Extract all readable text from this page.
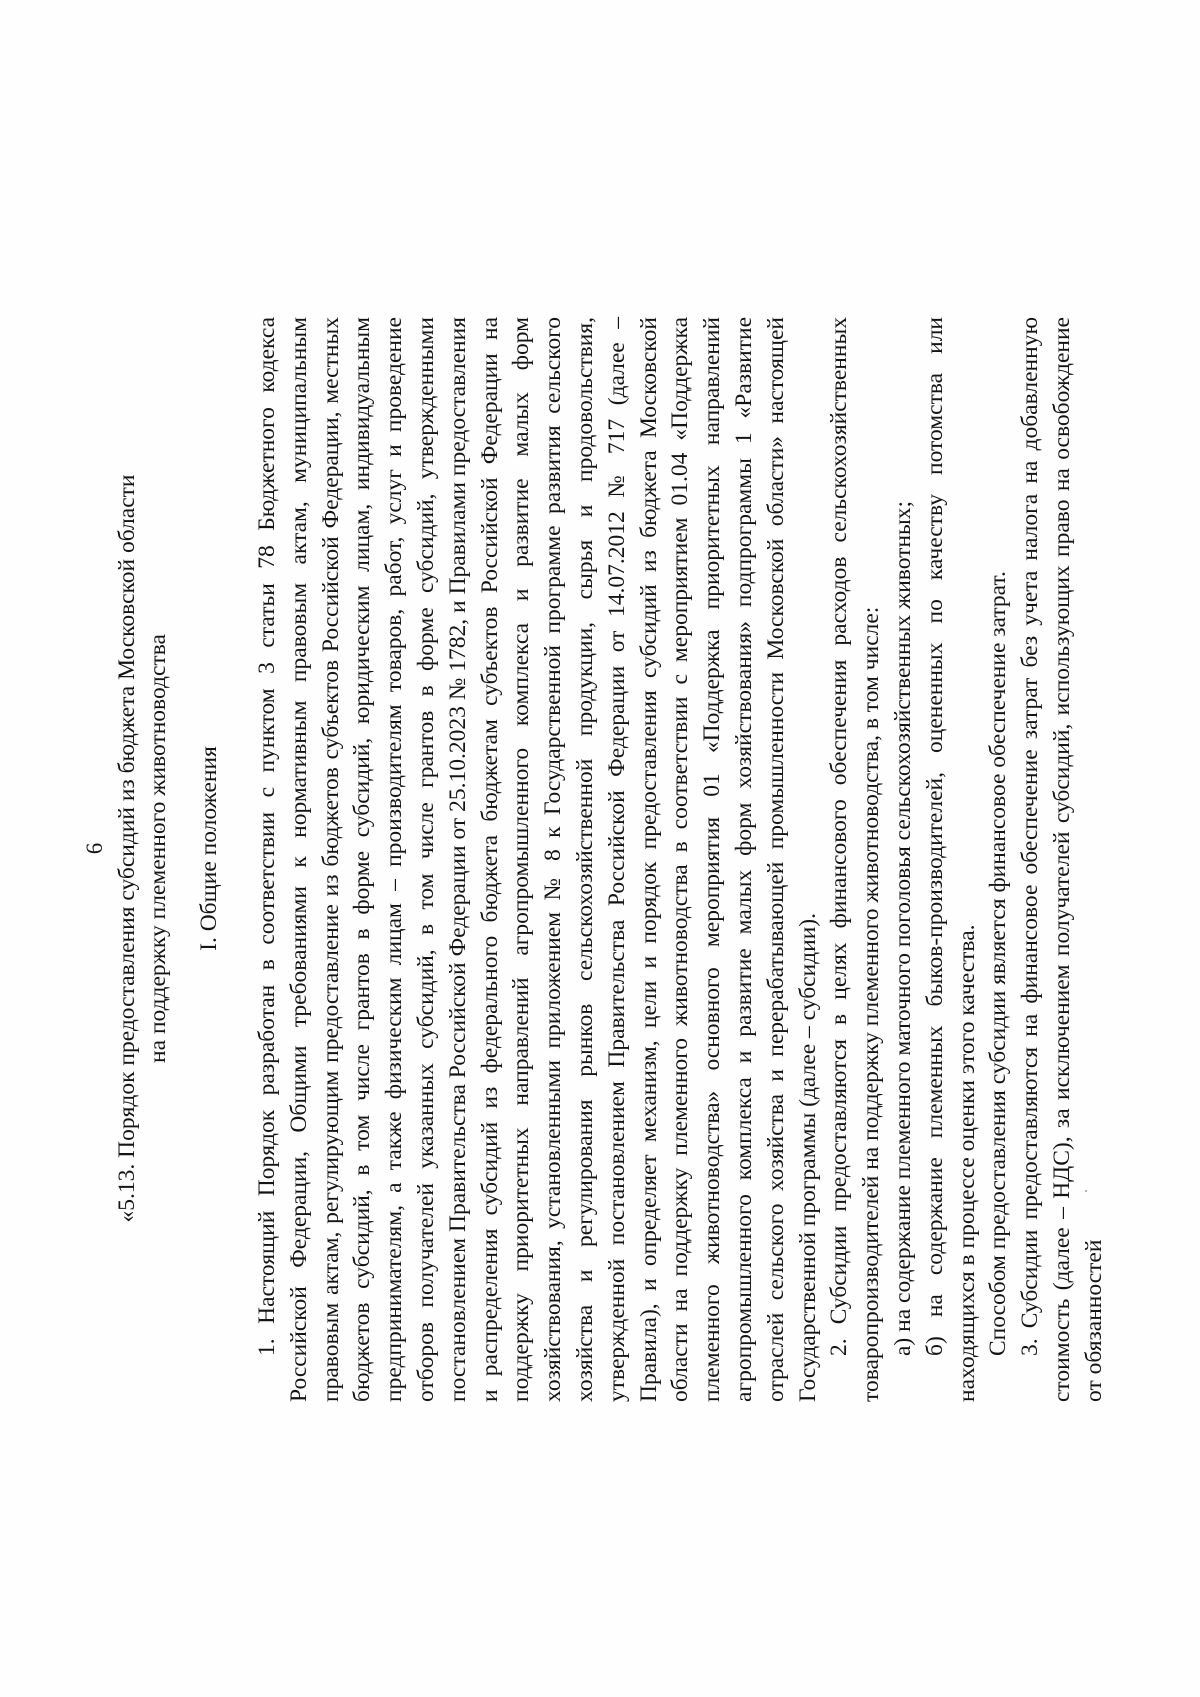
6 «5.13. Порядок предоставления субсидий из бюджета Московской области на поддержку племенного животноводства I. Общие положения 1. Настоящий Порядок разработан в соответствии с пунктом 3 статьи 78 Бюджетного кодекса Российской Федерации, Общими требованиями к нормативным правовым актам, муниципальным правовым актам, регулирующим предоставление из бюджетов субъектов Российской Федерации, местных бюджетов субсидий, в том числе грантов в форме субсидий, юридическим лицам, индивидуальным предпринимателям, а также физическим лицам – производителям товаров, работ, услуг и проведение отборов получателей указанных субсидий, в том числе грантов в форме субсидий, утвержденными постановлением Правительства Российской Федерации от 25.10.2023 № 1782, и Правилами предоставления и распределения субсидий из федерального бюджета бюджетам субъектов Российской Федерации на поддержку приоритетных направлений агропромышленного комплекса и развитие малых форм хозяйствования, установленными приложением № 8 к Государственной программе развития сельского хозяйства и регулирования рынков сельскохозяйственной продукции, сырья и продовольствия, утвержденной постановлением Правительства Российской Федерации от 14.07.2012 № 717 (далее – Правила), и определяет механизм, цели и порядок предоставления субсидий из бюджета Московской области на поддержку племенного животноводства в соответствии с мероприятием 01.04 «Поддержка племенного животноводства» основного мероприятия 01 «Поддержка приоритетных направлений агропромышленного комплекса и развитие малых форм хозяйствования» подпрограммы 1 «Развитие отраслей сельского хозяйства и перерабатывающей промышленности Московской области» настоящей Государственной программы (далее – субсидии). 2. Субсидии предоставляются в целях финансового обеспечения расходов сельскохозяйственных товаропроизводителей на поддержку племенного животноводства, в том числе: а) на содержание племенного маточного поголовья сельскохозяйственных животных; б) на содержание племенных быков-производителей, оцененных по качеству потомства или находящихся в процессе оценки этого качества. Способом предоставления субсидии является финансовое обеспечение затрат. 3. Субсидии предоставляются на финансовое обеспечение затрат без учета налога на добавленную стоимость (далее – НДС), за исключением получателей субсидий, использующих право на освобождение от обязанностей
